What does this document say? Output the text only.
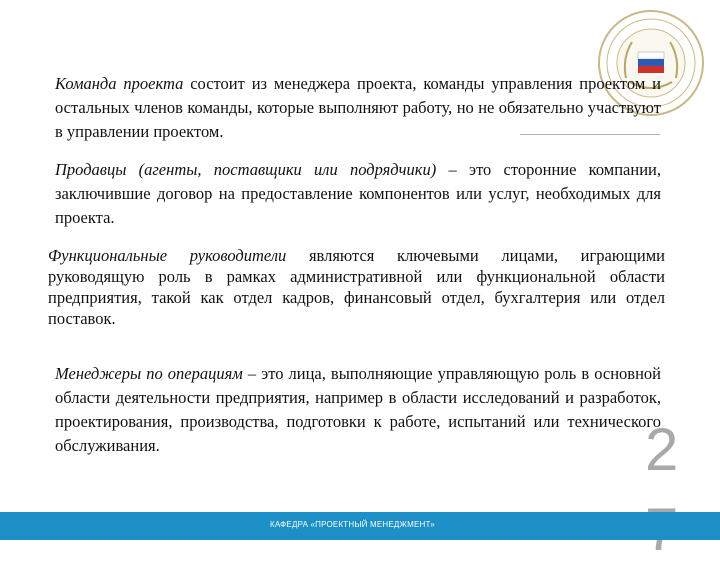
Команда проекта состоит из менеджера проекта, команды управления проектом и остальных членов команды, которые выполняют работу, но не обязательно участвуют в управлении проектом.

Продавцы (агенты, поставщики или подрядчики) – это сторонние компании, заключившие договор на предоставление компонентов или услуг, необходимых для проекта.

Функциональные руководители являются ключевыми лицами, играющими руководящую роль в рамках административной или функциональной области предприятия, такой как отдел кадров, финансовый отдел, бухгалтерия или отдел поставок.

Менеджеры по операциям – это лица, выполняющие управляющую роль в основной области деятельности предприятия, например в области исследований и разработок, проектирования, производства, подготовки к работе, испытаний или технического обслуживания.	2
КАФЕДРА «ПРОЕКТНЫЙ МЕНЕДЖМЕНТ»
